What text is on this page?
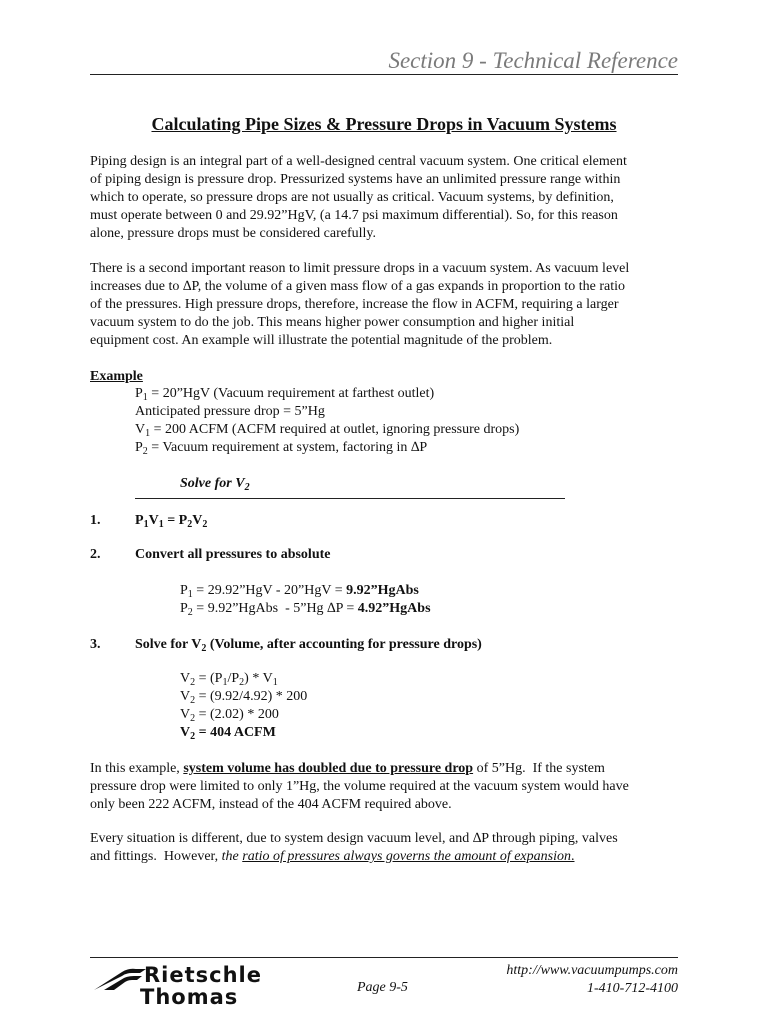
Section 9 - Technical Reference
Calculating Pipe Sizes & Pressure Drops in Vacuum Systems

Piping design is an integral part of a well-designed central vacuum system. One critical element
of piping design is pressure drop. Pressurized systems have an unlimited pressure range within
which to operate, so pressure drops are not usually as critical. Vacuum systems, by definition,
must operate between 0 and 29.92”HgV, (a 14.7 psi maximum differential). So, for this reason
alone, pressure drops must be considered carefully.

There is a second important reason to limit pressure drops in a vacuum system. As vacuum level
increases due to ∆P, the volume of a given mass flow of a gas expands in proportion to the ratio
of the pressures. High pressure drops, therefore, increase the flow in ACFM, requiring a larger
vacuum system to do the job. This means higher power consumption and higher initial
equipment cost. An example will illustrate the potential magnitude of the problem.

Example
$P_1$ = 20”HgV (Vacuum requirement at farthest outlet)
Anticipated pressure drop = 5”Hg
$V_1 = 200$ ACFM (ACFM required at outlet, ignoring pressure drops)
$P_2$ = Vacuum requirement at system, factoring in ∆P
Solve for $V_2$
1. $P_1V_1 = P_2V_2$
2. Convert all pressures to absolute
$P_1$ = 29.92”HgV - 20”HgV = 9.92”HgAbs
$P_2$ = 9.92”HgAbs  - 5”Hg ∆P = 4.92”HgAbs
3. Solve for $V_2$ (Volume, after accounting for pressure drops)
$V_2 = (P_1/P_2) * V_1$
$V_2 = (9.92/4.92) * 200$
$V_2 = (2.02) * 200$
$V_2 = 404$ ACFM

In this example, system volume has doubled due to pressure drop of 5”Hg.  If the system
pressure drop were limited to only 1”Hg, the volume required at the vacuum system would have
only been 222 ACFM, instead of the 404 ACFM required above.

Every situation is different, due to system design vacuum level, and ∆P through piping, valves
and fittings.  However, the ratio of pressures always governs the amount of expansion.

Rietschle
Thomas	Page 9-5
http://www.vacuumpumps.com
1-410-712-4100
